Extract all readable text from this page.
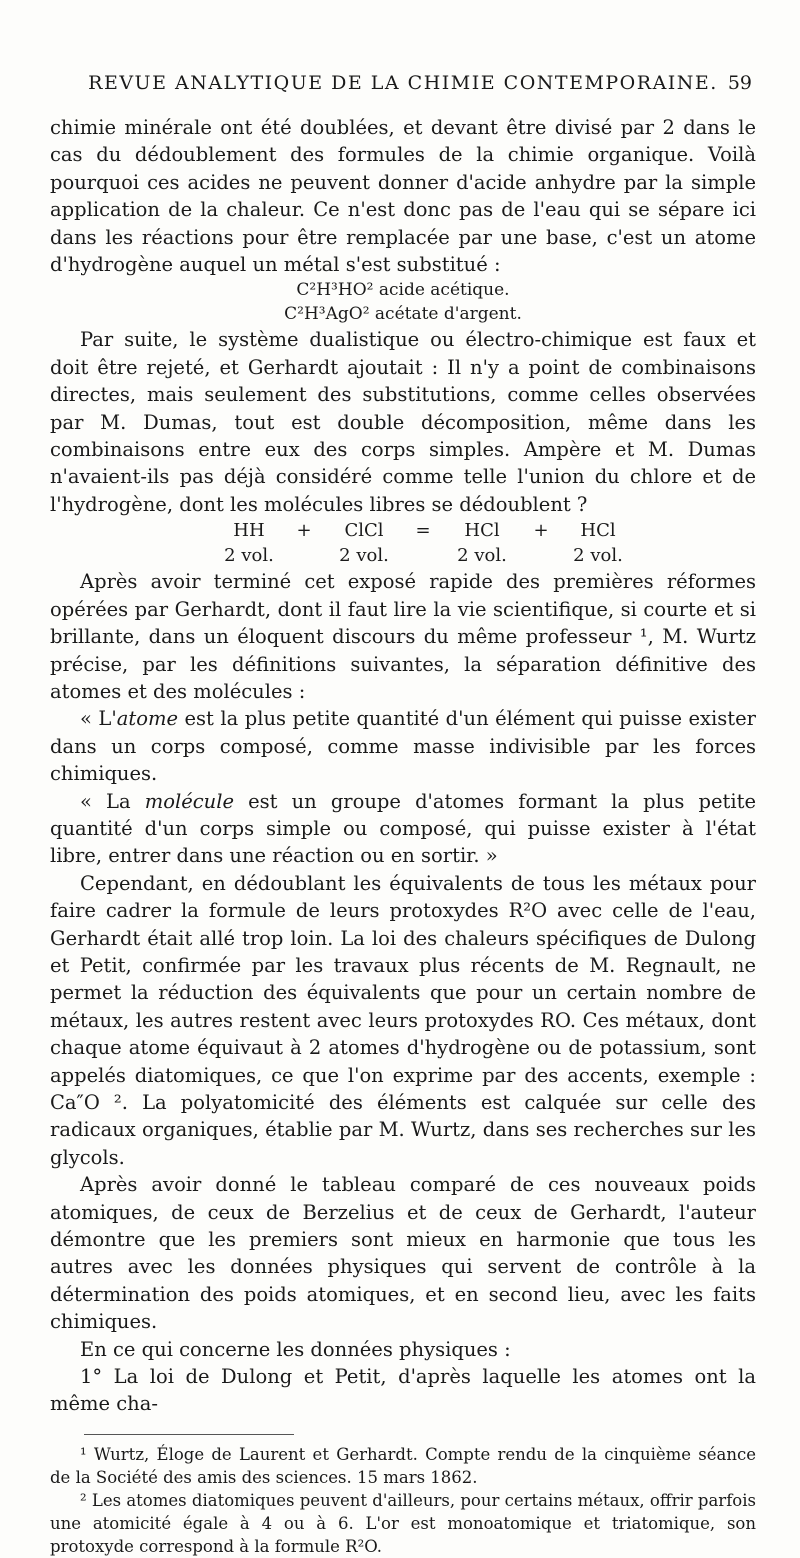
REVUE ANALYTIQUE DE LA CHIMIE CONTEMPORAINE. 59

chimie minérale ont été doublées, et devant être divisé par 2 dans le cas du dédoublement des formules de la chimie organique. Voilà pourquoi ces acides ne peuvent donner d'acide anhydre par la simple application de la chaleur. Ce n'est donc pas de l'eau qui se sépare ici dans les réactions pour être remplacée par une base, c'est un atome d'hydrogène auquel un métal s'est substitué :

C²H³HO² acide acétique.
C²H³AgO² acétate d'argent.

Par suite, le système dualistique ou électro-chimique est faux et doit être rejeté, et Gerhardt ajoutait : Il n'y a point de combinaisons directes, mais seulement des substitutions, comme celles observées par M. Dumas, tout est double décomposition, même dans les combinaisons entre eux des corps simples. Ampère et M. Dumas n'avaient-ils pas déjà considéré comme telle l'union du chlore et de l'hydrogène, dont les molécules libres se dédoublent ?

HH + ClCl = HCl + HCl
2 vol.	2 vol.	2 vol.	2 vol.

Après avoir terminé cet exposé rapide des premières réformes opérées par Gerhardt, dont il faut lire la vie scientifique, si courte et si brillante, dans un éloquent discours du même professeur ¹, M. Wurtz précise, par les définitions suivantes, la séparation définitive des atomes et des molécules :

« L'atome est la plus petite quantité d'un élément qui puisse exister dans un corps composé, comme masse indivisible par les forces chimiques.

« La molécule est un groupe d'atomes formant la plus petite quantité d'un corps simple ou composé, qui puisse exister à l'état libre, entrer dans une réaction ou en sortir. »

Cependant, en dédoublant les équivalents de tous les métaux pour faire cadrer la formule de leurs protoxydes R²O avec celle de l'eau, Gerhardt était allé trop loin. La loi des chaleurs spécifiques de Dulong et Petit, confirmée par les travaux plus récents de M. Regnault, ne permet la réduction des équivalents que pour un certain nombre de métaux, les autres restent avec leurs protoxydes RO. Ces métaux, dont chaque atome équivaut à 2 atomes d'hydrogène ou de potassium, sont appelés diatomiques, ce que l'on exprime par des accents, exemple : Ca″O ². La polyatomicité des éléments est calquée sur celle des radicaux organiques, établie par M. Wurtz, dans ses recherches sur les glycols.

Après avoir donné le tableau comparé de ces nouveaux poids atomiques, de ceux de Berzelius et de ceux de Gerhardt, l'auteur démontre que les premiers sont mieux en harmonie que tous les autres avec les données physiques qui servent de contrôle à la détermination des poids atomiques, et en second lieu, avec les faits chimiques.

En ce qui concerne les données physiques :

1° La loi de Dulong et Petit, d'après laquelle les atomes ont la même cha-

¹ Wurtz, Éloge de Laurent et Gerhardt. Compte rendu de la cinquième séance de la Société des amis des sciences. 15 mars 1862.

² Les atomes diatomiques peuvent d'ailleurs, pour certains métaux, offrir parfois une atomicité égale à 4 ou à 6. L'or est monoatomique et triatomique, son protoxyde correspond à la formule R²O.
